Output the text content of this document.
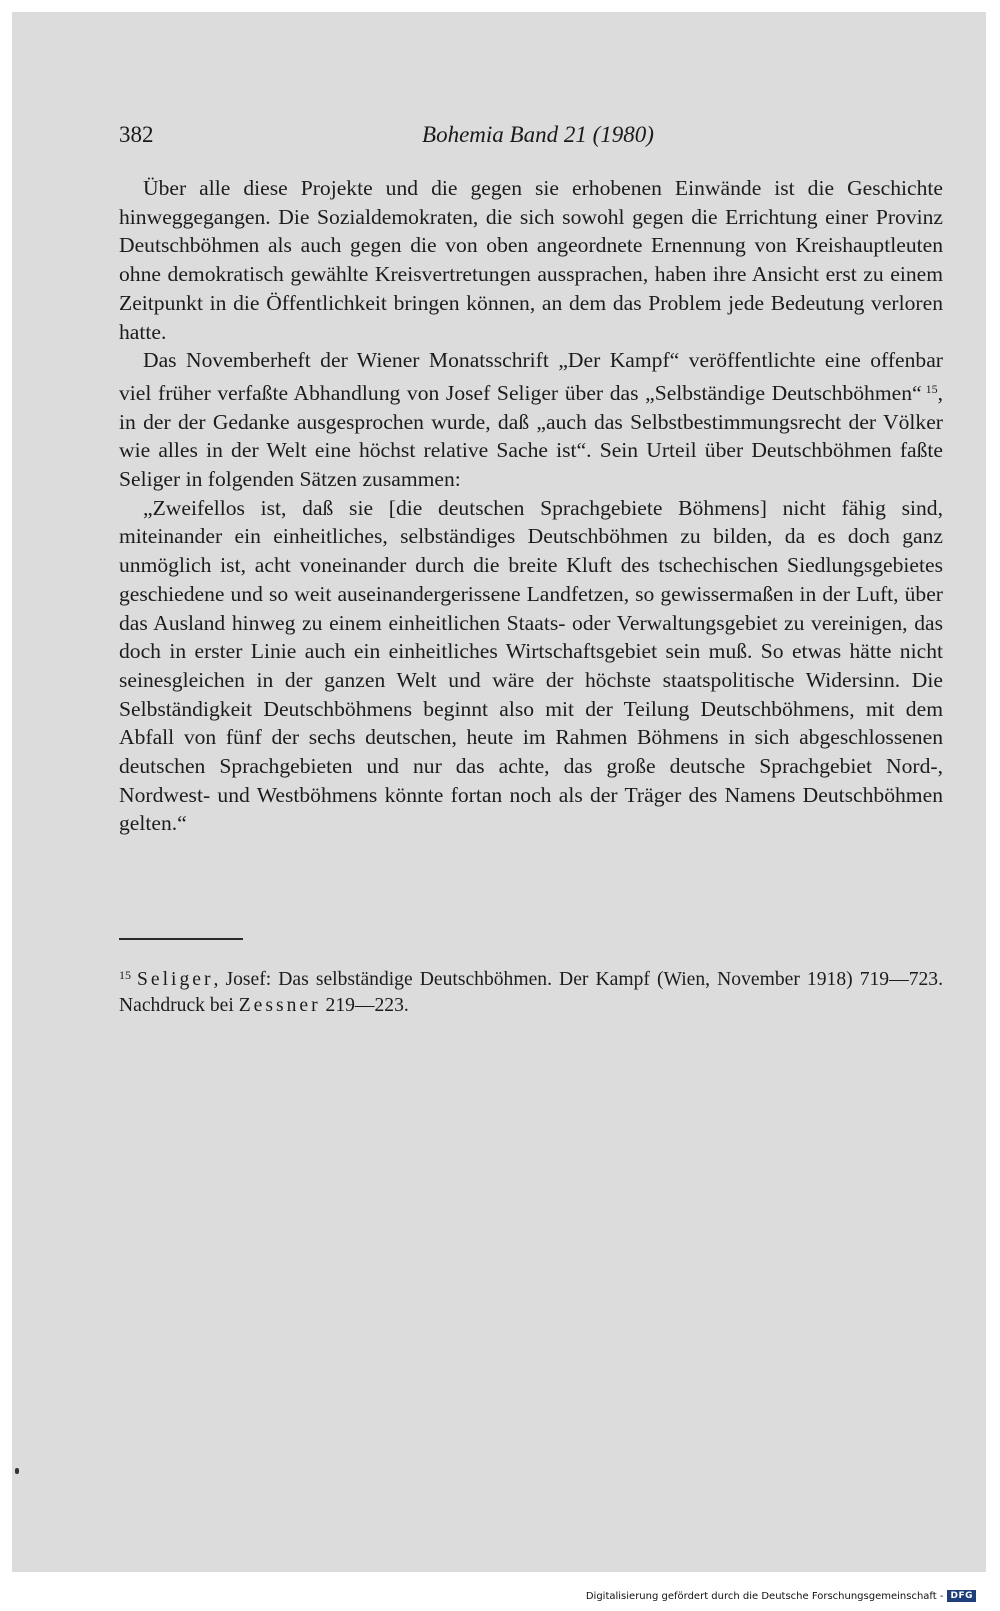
382	Bohemia Band 21 (1980)

Über alle diese Projekte und die gegen sie erhobenen Einwände ist die Geschichte hinweggegangen. Die Sozialdemokraten, die sich sowohl gegen die Errichtung einer Provinz Deutschböhmen als auch gegen die von oben angeordnete Ernennung von Kreishauptleuten ohne demokratisch gewählte Kreisvertretungen aussprachen, haben ihre Ansicht erst zu einem Zeitpunkt in die Öffentlichkeit bringen können, an dem das Problem jede Bedeutung verloren hatte.

Das Novemberheft der Wiener Monatsschrift „Der Kampf“ veröffentlichte eine offenbar viel früher verfaßte Abhandlung von Josef Seliger über das „Selbständige Deutschböhmen“ $^{15}$, in der der Gedanke ausgesprochen wurde, daß „auch das Selbstbestimmungsrecht der Völker wie alles in der Welt eine höchst relative Sache ist“. Sein Urteil über Deutschböhmen faßte Seliger in folgenden Sätzen zusammen:

„Zweifellos ist, daß sie [die deutschen Sprachgebiete Böhmens] nicht fähig sind, miteinander ein einheitliches, selbständiges Deutschböhmen zu bilden, da es doch ganz unmöglich ist, acht voneinander durch die breite Kluft des tschechischen Siedlungsgebietes geschiedene und so weit auseinandergerissene Landfetzen, so gewissermaßen in der Luft, über das Ausland hinweg zu einem einheitlichen Staats- oder Verwaltungsgebiet zu vereinigen, das doch in erster Linie auch ein einheitliches Wirtschaftsgebiet sein muß. So etwas hätte nicht seinesgleichen in der ganzen Welt und wäre der höchste staatspolitische Widersinn. Die Selbständigkeit Deutschböhmens beginnt also mit der Teilung Deutschböhmens, mit dem Abfall von fünf der sechs deutschen, heute im Rahmen Böhmens in sich abgeschlossenen deutschen Sprachgebieten und nur das achte, das große deutsche Sprachgebiet Nord-, Nordwest- und Westböhmens könnte fortan noch als der Träger des Namens Deutschböhmen gelten.“

$^{15}$ Seliger, Josef: Das selbständige Deutschböhmen. Der Kampf (Wien, November 1918) 719—723. Nachdruck bei Zessner 219—223.
Digitalisierung gefördert durch die Deutsche Forschungsgemeinschaft - DFG
